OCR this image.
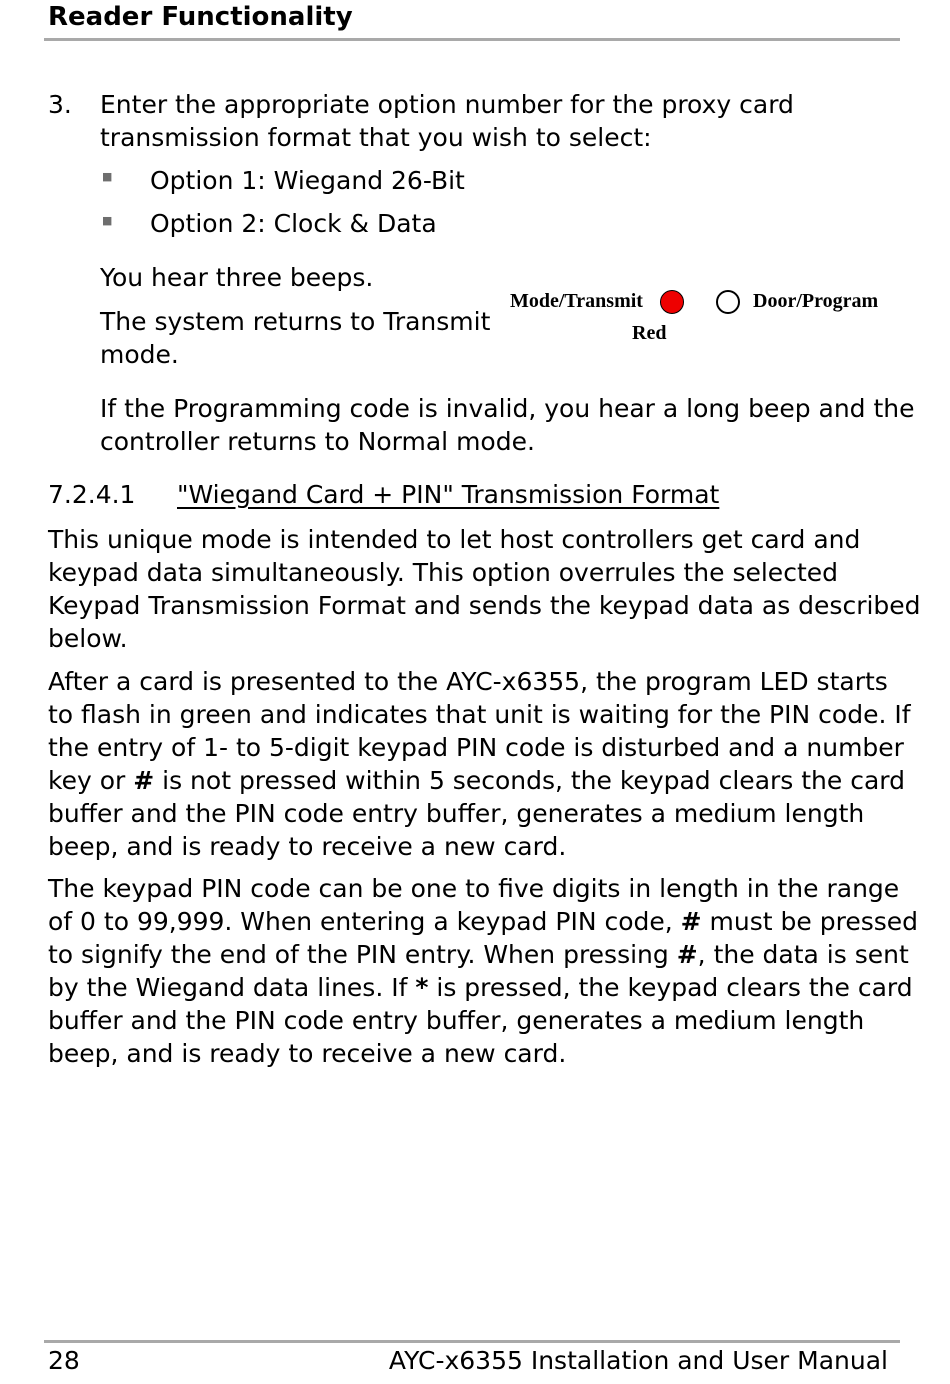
Reader Functionality
3. Enter the appropriate option number for the proxy card
transmission format that you wish to select:
■ Option 1: Wiegand 26-Bit
■ Option 2: Clock & Data
You hear three beeps.
The system returns to Transmit
mode.
Mode/Transmit	Door/Program
Red
If the Programming code is invalid, you hear a long beep and the
controller returns to Normal mode.
7.2.4.1 "Wiegand Card + PIN" Transmission Format
This unique mode is intended to let host controllers get card and
keypad data simultaneously. This option overrules the selected
Keypad Transmission Format and sends the keypad data as described
below.
After a card is presented to the AYC-x6355, the program LED starts
to flash in green and indicates that unit is waiting for the PIN code. If
the entry of 1- to 5-digit keypad PIN code is disturbed and a number
key or # is not pressed within 5 seconds, the keypad clears the card
buffer and the PIN code entry buffer, generates a medium length
beep, and is ready to receive a new card.
The keypad PIN code can be one to five digits in length in the range
of 0 to 99,999. When entering a keypad PIN code, # must be pressed
to signify the end of the PIN entry. When pressing #, the data is sent
by the Wiegand data lines. If * is pressed, the keypad clears the card
buffer and the PIN code entry buffer, generates a medium length
beep, and is ready to receive a new card.
28	AYC-x6355 Installation and User Manual
